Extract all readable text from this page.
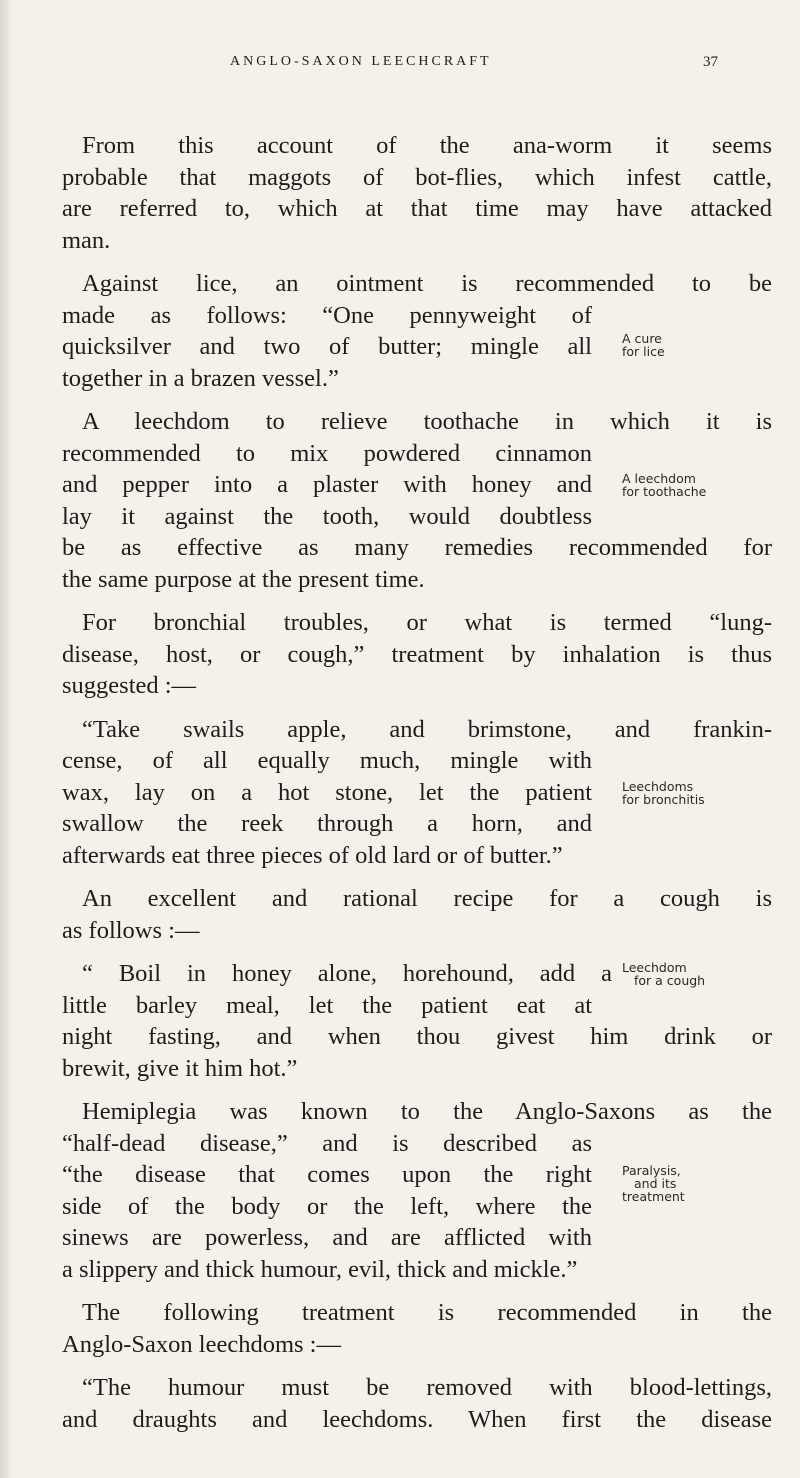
ANGLO-SAXON LEECHCRAFT	37
From this account of the ana-worm it seems
probable that maggots of bot-flies, which infest cattle,
are referred to, which at that time may have attacked
man.
Against lice, an ointment is recommended to be
made as follows: “One pennyweight of
quicksilver and two of butter; mingle all
together in a brazen vessel.”
A cure
for lice
A leechdom to relieve toothache in which it is
recommended to mix powdered cinnamon
and pepper into a plaster with honey and
lay it against the tooth, would doubtless
be as effective as many remedies recommended for
the same purpose at the present time.
A leechdom
for toothache
For bronchial troubles, or what is termed “lung-
disease, host, or cough,” treatment by inhalation is thus
suggested :—
“Take swails apple, and brimstone, and frankin-
cense, of all equally much, mingle with
wax, lay on a hot stone, let the patient
swallow the reek through a horn, and
afterwards eat three pieces of old lard or of butter.”
Leechdoms
for bronchitis
An excellent and rational recipe for a cough is
as follows :—
“ Boil in honey alone, horehound, add a
little barley meal, let the patient eat at
night fasting, and when thou givest him drink or
brewit, give it him hot.”
Leechdom
for a cough
Hemiplegia was known to the Anglo-Saxons as the
“half-dead disease,” and is described as
“the disease that comes upon the right
side of the body or the left, where the
sinews are powerless, and are afflicted with
a slippery and thick humour, evil, thick and mickle.”
Paralysis,
and its
treatment
The following treatment is recommended in the
Anglo-Saxon leechdoms :—
“The humour must be removed with blood-lettings,
and draughts and leechdoms. When first the disease
